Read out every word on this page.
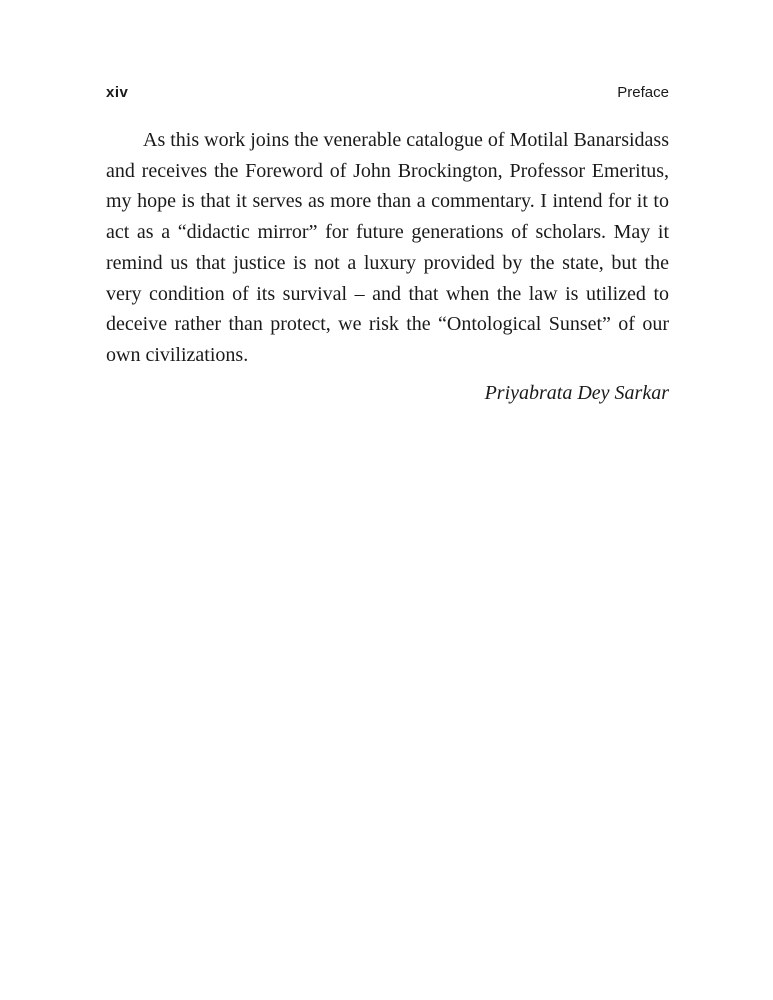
xiv	Preface

As this work joins the venerable catalogue of Motilal Banarsidass and receives the Foreword of John Brockington, Professor Emeritus, my hope is that it serves as more than a commentary. I intend for it to act as a “didactic mirror” for future generations of scholars. May it remind us that justice is not a luxury provided by the state, but the very condition of its survival – and that when the law is utilized to deceive rather than protect, we risk the “Ontological Sunset” of our own civilizations.

Priyabrata Dey Sarkar
